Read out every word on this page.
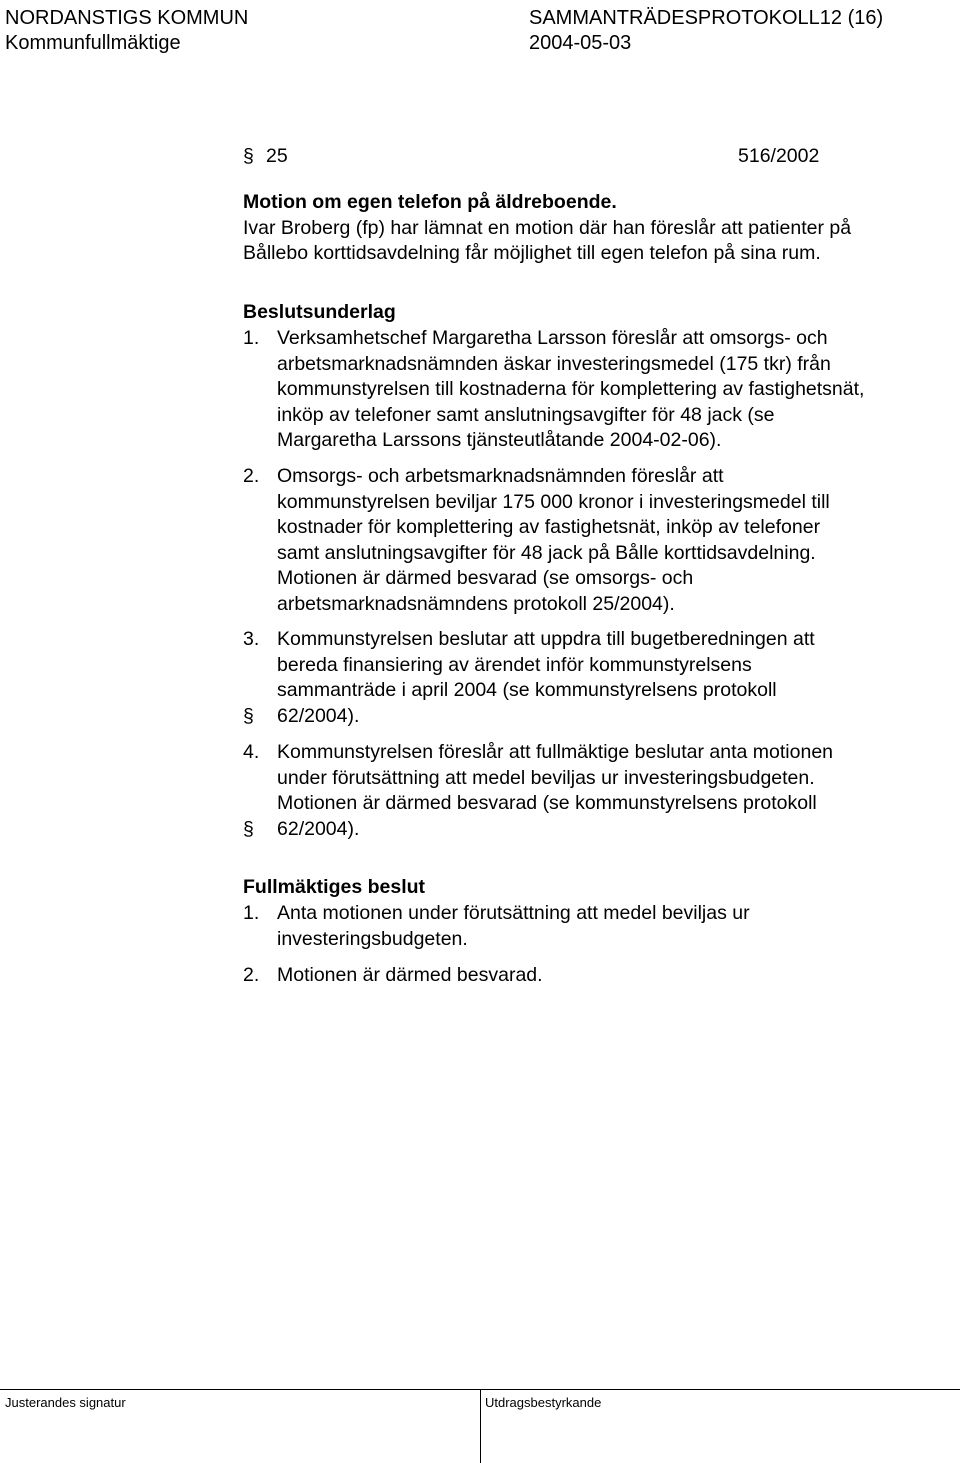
NORDANSTIGS KOMMUN	SAMMANTRÄDESPROTOKOLL12 (16)
Kommunfullmäktige	2004-05-03
§ 25	516/2002
Motion om egen telefon på äldreboende.
Ivar Broberg (fp) har lämnat en motion där han föreslår att patienter på
Bållebo korttidsavdelning får möjlighet till egen telefon på sina rum.
Beslutsunderlag
1. Verksamhetschef Margaretha Larsson föreslår att omsorgs- och
arbetsmarknadsnämnden äskar investeringsmedel (175 tkr) från
kommunstyrelsen till kostnaderna för komplettering av fastighetsnät,
inköp av telefoner samt anslutningsavgifter för 48 jack (se
Margaretha Larssons tjänsteutlåtande 2004-02-06).
2. Omsorgs- och arbetsmarknadsnämnden föreslår att
kommunstyrelsen beviljar 175 000 kronor i investeringsmedel till
kostnader för komplettering av fastighetsnät, inköp av telefoner
samt anslutningsavgifter för 48 jack på Bålle korttidsavdelning.
Motionen är därmed besvarad (se omsorgs- och
arbetsmarknadsnämndens protokoll 25/2004).
3. Kommunstyrelsen beslutar att uppdra till bugetberedningen att
bereda finansiering av ärendet inför kommunstyrelsens
sammanträde i april 2004 (se kommunstyrelsens protokoll
§ 62/2004).
4. Kommunstyrelsen föreslår att fullmäktige beslutar anta motionen
under förutsättning att medel beviljas ur investeringsbudgeten.
Motionen är därmed besvarad (se kommunstyrelsens protokoll
§ 62/2004).
Fullmäktiges beslut
1. Anta motionen under förutsättning att medel beviljas ur
investeringsbudgeten.
2. Motionen är därmed besvarad.
Justerandes signatur	Utdragsbestyrkande
